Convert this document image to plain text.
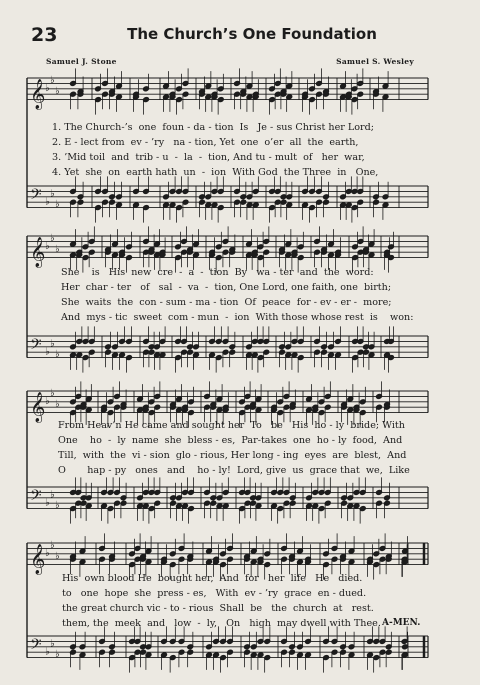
23	The Church’s One Foundation
Samuel J. Stone	Samuel S. Wesley
𝄞
𝄢
♭
♭
♭
♭
♭
♭
𝄞
𝄢
♭
♭
♭
♭
♭
♭
𝄞
𝄢
♭
♭
♭
♭
♭
♭
𝄞
𝄢
♭
♭
♭
♭
♭
♭
1. The Church-’s  one  foun - da - tion  Is   Je - sus Christ her Lord;
2. E - lect from  ev - ’ry   na - tion, Yet  one  o’er  all  the  earth,
3. ’Mid toil  and  trib - u  -  la  -  tion, And tu - mult  of   her  war,
4. Yet  she  on  earth hath  un  -  ion  With God  the Three  in   One,
She    is   His  new  cre  -  a  -  tion  By   wa - ter  and  the  word:
Her  char - ter   of   sal  -  va  -  tion, One Lord, one faith, one  birth;
She  waits  the  con - sum - ma - tion  Of  peace  for - ev - er -  more;
And  mys - tic  sweet  com - mun  -  ion  With those whose rest  is    won:
From Heav’n He came and sought her  To   be   His  ho - ly  bride; With
One    ho  -  ly  name  she  bless - es,  Par-takes  one  ho - ly  food,  And
Till,  with  the  vi - sion  glo - rious, Her long - ing  eyes  are  blest,  And
O       hap - py   ones   and    ho - ly!  Lord, give  us  grace that  we,  Like
His  own blood He  bought her,  And  for   her  life   He   died.
to   one  hope  she  press - es,   With  ev - ’ry  grace  en - dued.
the great church vic - to - rious  Shall  be   the  church  at   rest.
them, the  meek  and   low  -  ly,   On   high  may dwell with Thee. A-MEN.
